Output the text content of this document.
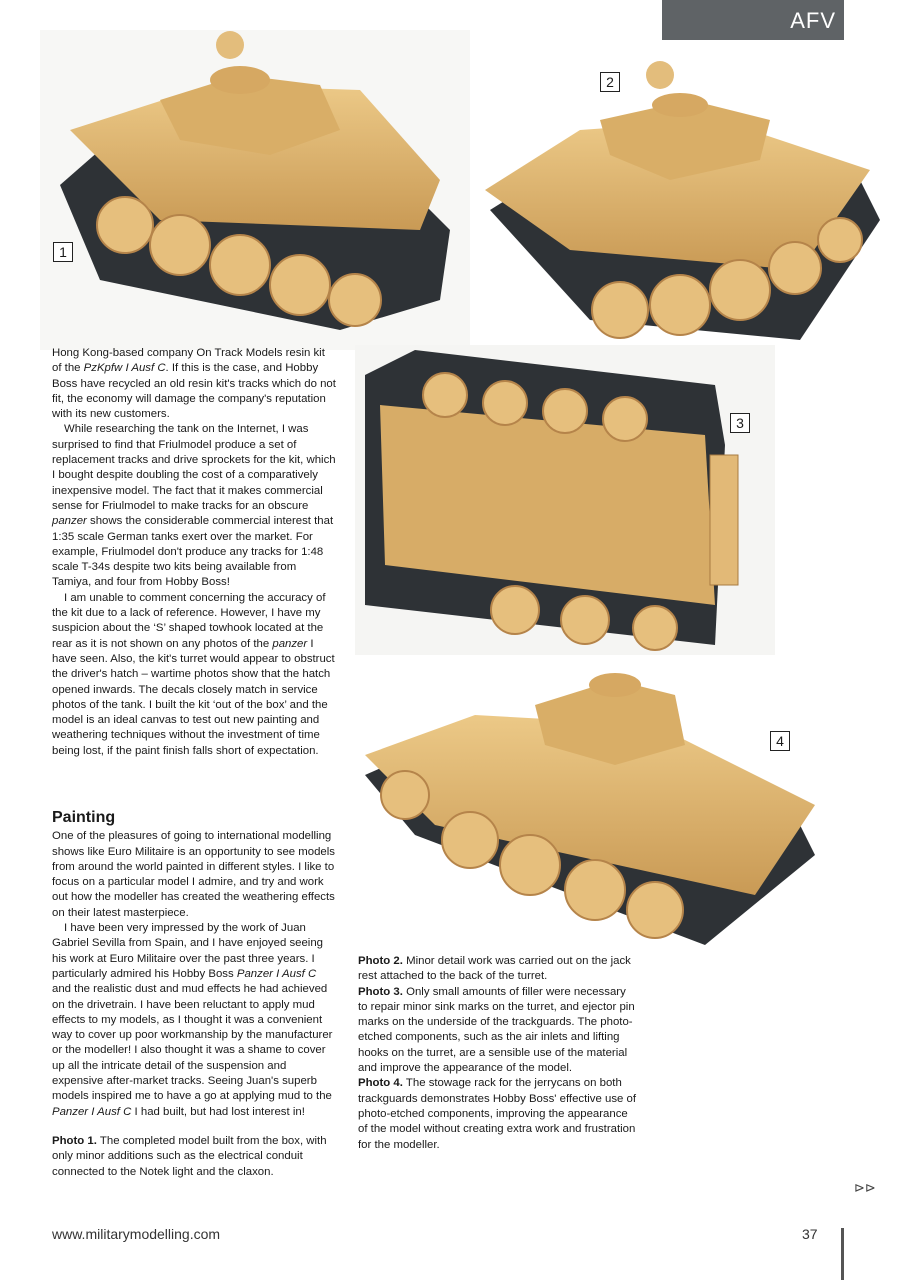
AFV
1
2
3
4

Hong Kong-based company On Track Models resin kit of the PzKpfw I Ausf C. If this is the case, and Hobby Boss have recycled an old resin kit's tracks which do not fit, the economy will damage the company's reputation with its new customers.

While researching the tank on the Internet, I was surprised to find that Friulmodel produce a set of replacement tracks and drive sprockets for the kit, which I bought despite doubling the cost of a comparatively inexpensive model. The fact that it makes commercial sense for Friulmodel to make tracks for an obscure panzer shows the considerable commercial interest that 1:35 scale German tanks exert over the market. For example, Friulmodel don't produce any tracks for 1:48 scale T-34s despite two kits being available from Tamiya, and four from Hobby Boss!

I am unable to comment concerning the accuracy of the kit due to a lack of reference. However, I have my suspicion about the ‘S’ shaped towhook located at the rear as it is not shown on any photos of the panzer I have seen. Also, the kit's turret would appear to obstruct the driver's hatch – wartime photos show that the hatch opened inwards. The decals closely match in service photos of the tank. I built the kit ‘out of the box’ and the model is an ideal canvas to test out new painting and weathering techniques without the investment of time being lost, if the paint finish falls short of expectation.

Painting

One of the pleasures of going to international modelling shows like Euro Militaire is an opportunity to see models from around the world painted in different styles. I like to focus on a particular model I admire, and try and work out how the modeller has created the weathering effects on their latest masterpiece.

I have been very impressed by the work of Juan Gabriel Sevilla from Spain, and I have enjoyed seeing his work at Euro Militaire over the past three years. I particularly admired his Hobby Boss Panzer I Ausf C and the realistic dust and mud effects he had achieved on the drivetrain. I have been reluctant to apply mud effects to my models, as I thought it was a convenient way to cover up poor workmanship by the manufacturer or the modeller! I also thought it was a shame to cover up all the intricate detail of the suspension and expensive after-market tracks. Seeing Juan's superb models inspired me to have a go at applying mud to the Panzer I Ausf C I had built, but had lost interest in!

Photo 1. The completed model built from the box, with only minor additions such as the electrical conduit connected to the Notek light and the claxon.

Photo 2. Minor detail work was carried out on the jack rest attached to the back of the turret.

Photo 3. Only small amounts of filler were necessary to repair minor sink marks on the turret, and ejector pin marks on the underside of the trackguards. The photo-etched components, such as the air inlets and lifting hooks on the turret, are a sensible use of the material and improve the appearance of the model.

Photo 4. The stowage rack for the jerrycans on both trackguards demonstrates Hobby Boss' effective use of photo-etched components, improving the appearance of the model without creating extra work and frustration for the modeller.

⊳⊳
www.militarymodelling.com	37
